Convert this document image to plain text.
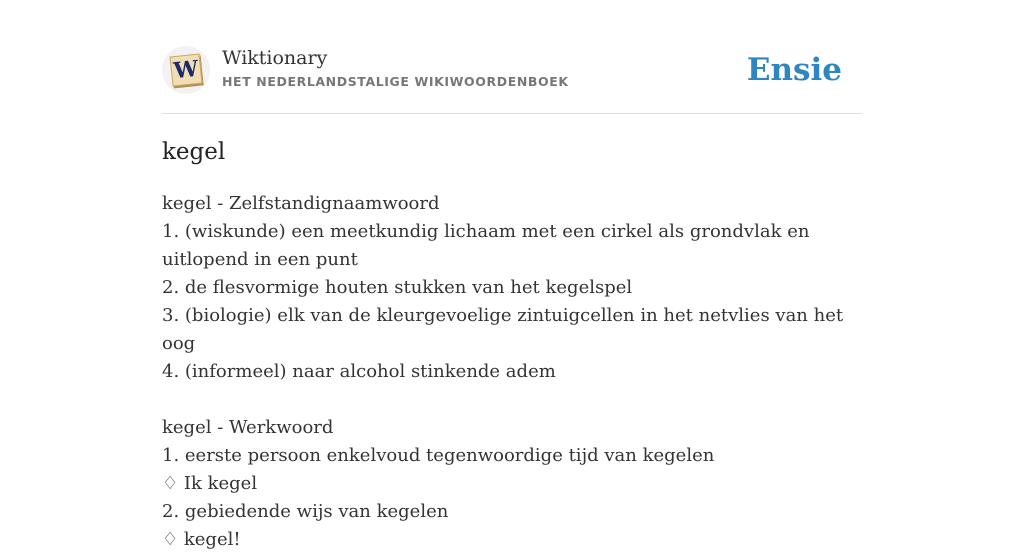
W Wiktionary
HET NEDERLANDSTALIGE WIKIWOORDENBOEK	Ensie
kegel
kegel - Zelfstandignaamwoord
1. (wiskunde) een meetkundig lichaam met een cirkel als grondvlak en uitlopend in een punt
2. de flesvormige houten stukken van het kegelspel
3. (biologie) elk van de kleurgevoelige zintuigcellen in het netvlies van het oog
4. (informeel) naar alcohol stinkende adem
kegel - Werkwoord
1. eerste persoon enkelvoud tegenwoordige tijd van kegelen
♢ Ik kegel
2. gebiedende wijs van kegelen
♢ kegel!
